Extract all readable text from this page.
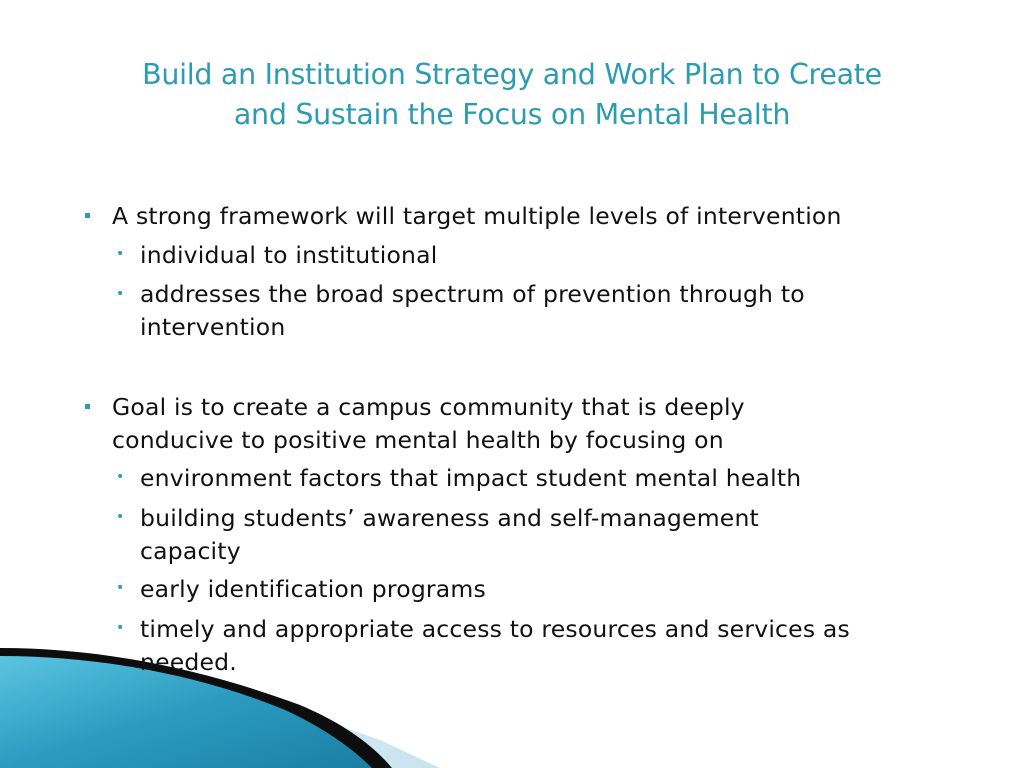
Build an Institution Strategy and Work Plan to Create
and Sustain the Focus on Mental Health
A strong framework will target multiple levels of intervention
• individual to institutional
• addresses the broad spectrum of prevention through to
intervention
Goal is to create a campus community that is deeply
conducive to positive mental health by focusing on
• environment factors that impact student mental health
• building students’ awareness and self-management
capacity
• early identification programs
• timely and appropriate access to resources and services as
needed.
